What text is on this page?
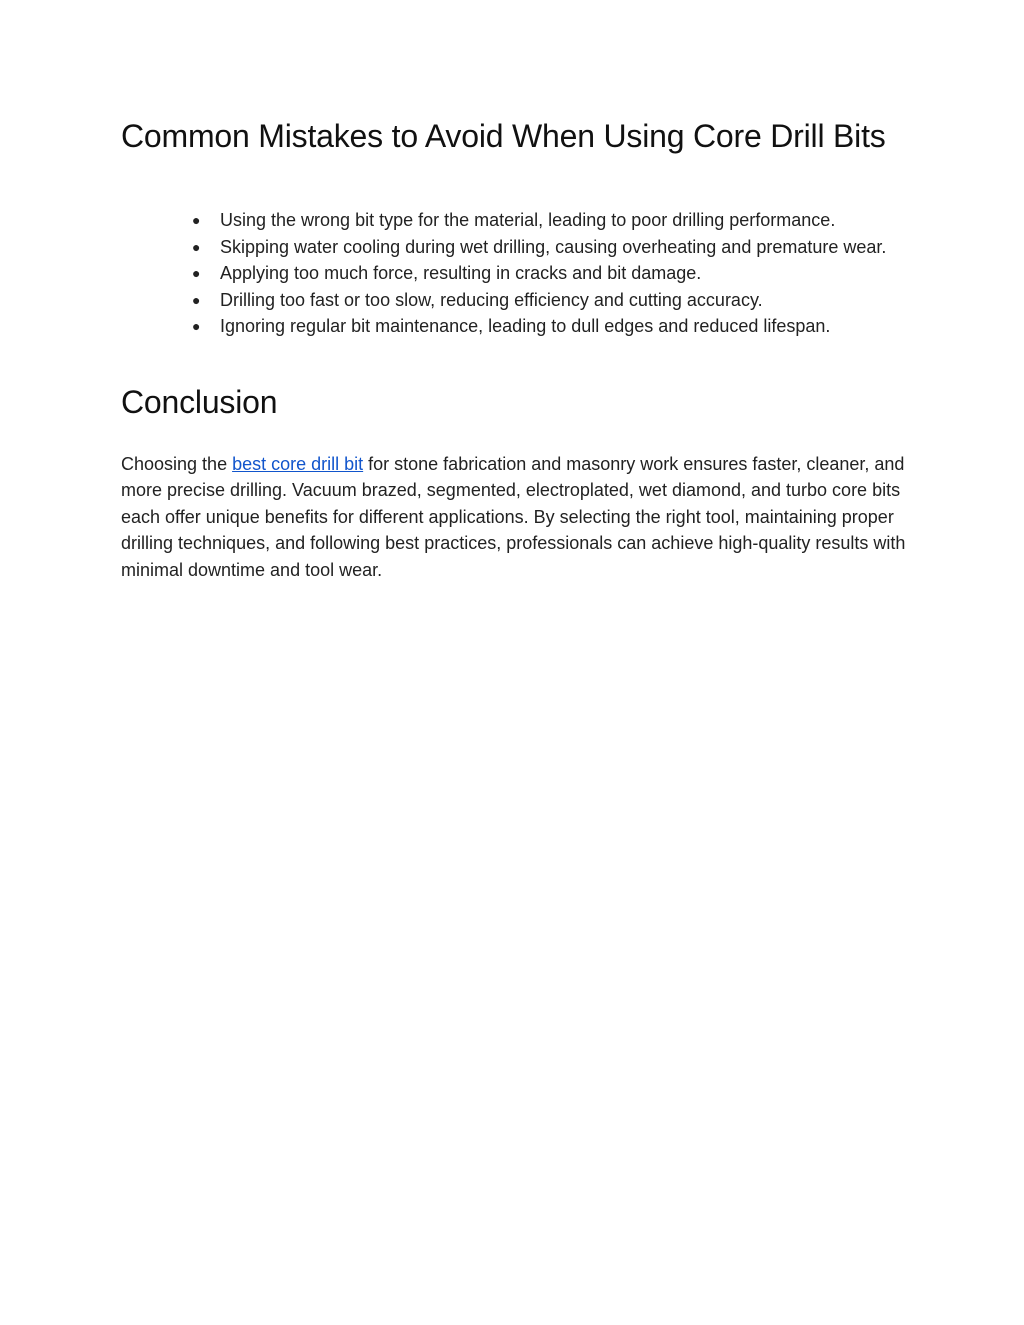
Common Mistakes to Avoid When Using Core Drill Bits
● Using the wrong bit type for the material, leading to poor drilling performance.
● Skipping water cooling during wet drilling, causing overheating and premature wear.
● Applying too much force, resulting in cracks and bit damage.
● Drilling too fast or too slow, reducing efficiency and cutting accuracy.
● Ignoring regular bit maintenance, leading to dull edges and reduced lifespan.
Conclusion

Choosing the best core drill bit for stone fabrication and masonry work ensures faster, cleaner, and more precise drilling. Vacuum brazed, segmented, electroplated, wet diamond, and turbo core bits each offer unique benefits for different applications. By selecting the right tool, maintaining proper drilling techniques, and following best practices, professionals can achieve high-quality results with minimal downtime and tool wear.
